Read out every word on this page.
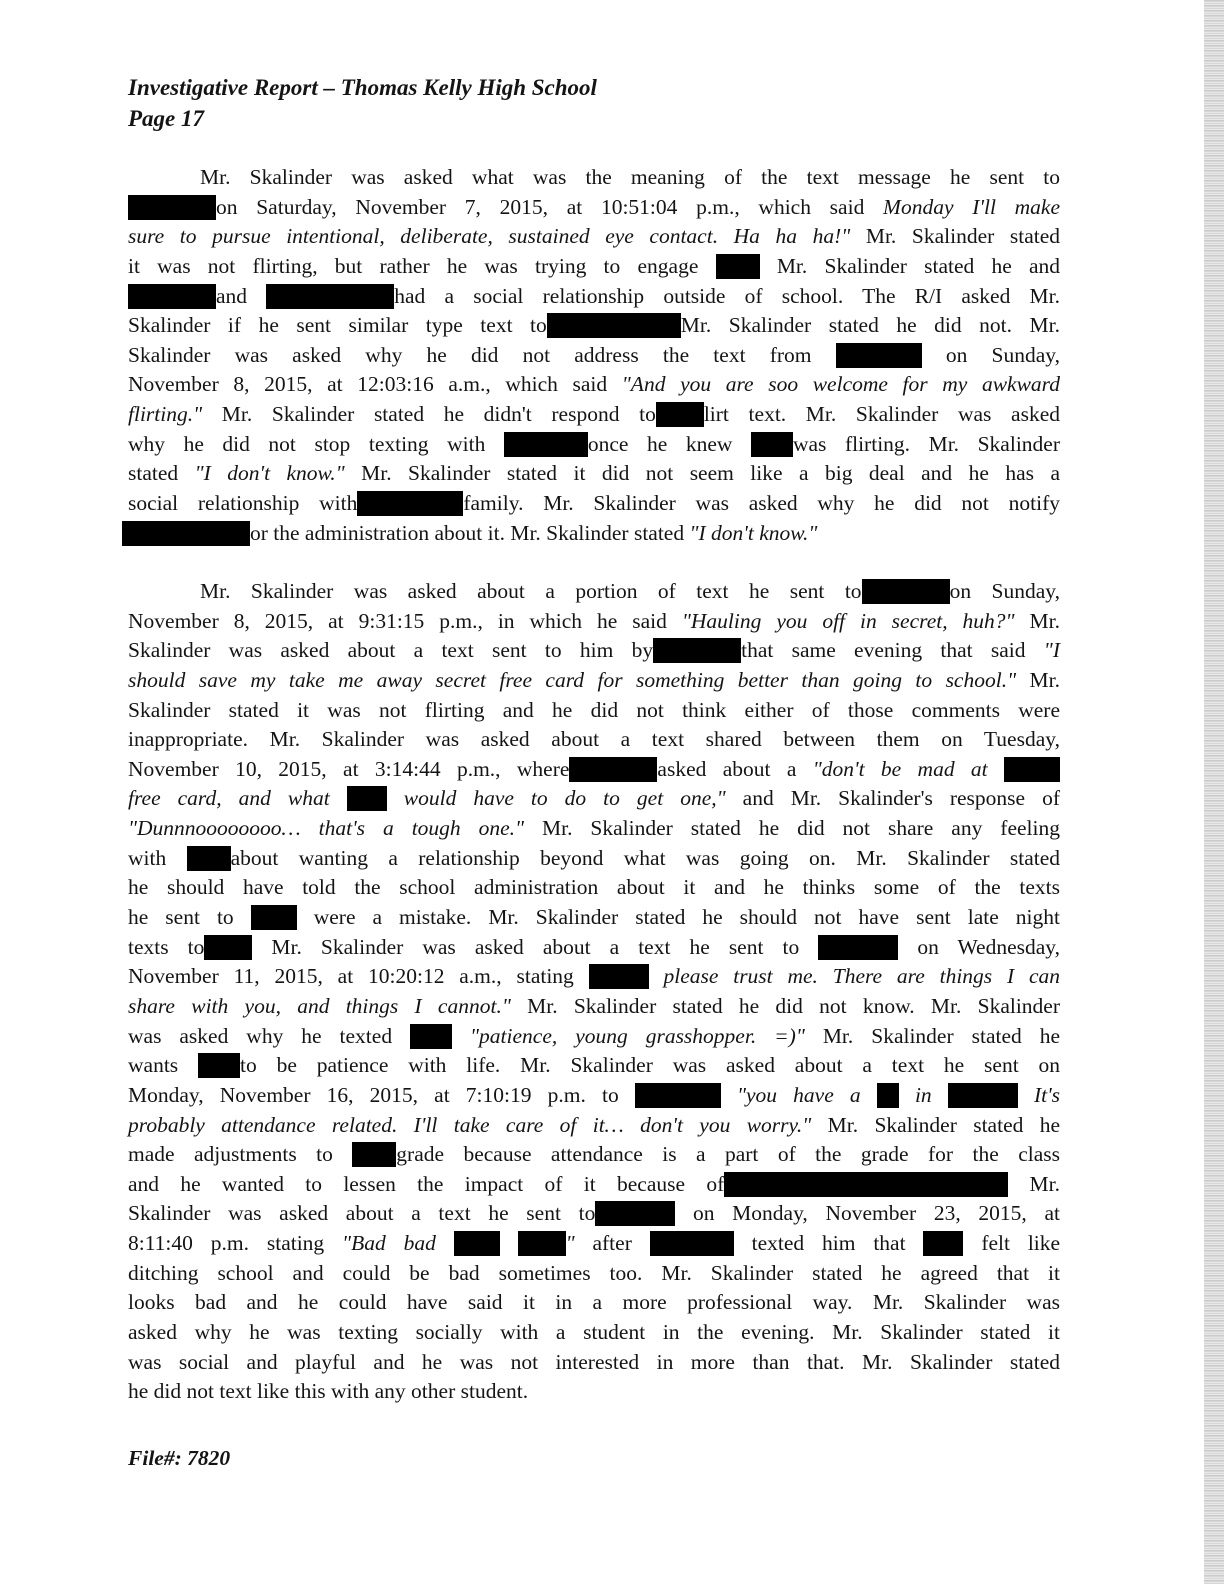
Investigative Report – Thomas Kelly High School
Page 17
Mr. Skalinder was asked what was the meaning of the text message he sent to
on Saturday, November 7, 2015, at 10:51:04 p.m., which said Monday I'll make
sure to pursue intentional, deliberate, sustained eye contact. Ha ha ha!" Mr. Skalinder stated
it was not flirting, but rather he was trying to engage	Mr. Skalinder stated he and
and	had a social relationship outside of school. The R/I asked Mr.
Skalinder if he sent similar type text to	Mr. Skalinder stated he did not. Mr.
Skalinder was asked why he did not address the text from	on Sunday,
November 8, 2015, at 12:03:16 a.m., which said "And you are soo welcome for my awkward
flirting." Mr. Skalinder stated he didn't respond to lirt text. Mr. Skalinder was asked
why he did not stop texting with	once he knew	was flirting. Mr. Skalinder
stated "I don't know." Mr. Skalinder stated it did not seem like a big deal and he has a
social relationship with	family. Mr. Skalinder was asked why he did not notify
or the administration about it. Mr. Skalinder stated "I don't know."
Mr. Skalinder was asked about a portion of text he sent to	on Sunday,
November 8, 2015, at 9:31:15 p.m., in which he said "Hauling you off in secret, huh?" Mr.
Skalinder was asked about a text sent to him by	that same evening that said "I
should save my take me away secret free card for something better than going to school." Mr.
Skalinder stated it was not flirting and he did not think either of those comments were
inappropriate. Mr. Skalinder was asked about a text shared between them on Tuesday,
November 10, 2015, at 3:14:44 p.m., where	asked about a "don't be mad at
free card, and what	would have to do to get one," and Mr. Skalinder's response of
"Dunnnoooooooo… that's a tough one." Mr. Skalinder stated he did not share any feeling
with	about wanting a relationship beyond what was going on. Mr. Skalinder stated
he should have told the school administration about it and he thinks some of the texts
he sent to	were a mistake. Mr. Skalinder stated he should not have sent late night
texts to	Mr. Skalinder was asked about a text he sent to	on Wednesday,
November 11, 2015, at 10:20:12 a.m., stating	please trust me. There are things I can
share with you, and things I cannot." Mr. Skalinder stated he did not know. Mr. Skalinder
was asked why he texted	"patience, young grasshopper. =)" Mr. Skalinder stated he
wants	to be patience with life. Mr. Skalinder was asked about a text he sent on
Monday, November 16, 2015, at 7:10:19 p.m. to	"you have a	in	It's
probably attendance related. I'll take care of it… don't you worry." Mr. Skalinder stated he
made adjustments to	grade because attendance is a part of the grade for the class
and he wanted to lessen the impact of it because of	Mr.
Skalinder was asked about a text he sent to	on Monday, November 23, 2015, at
8:11:40 p.m. stating "Bad bad	" after	texted him that	felt like
ditching school and could be bad sometimes too. Mr. Skalinder stated he agreed that it
looks bad and he could have said it in a more professional way. Mr. Skalinder was
asked why he was texting socially with a student in the evening. Mr. Skalinder stated it
was social and playful and he was not interested in more than that. Mr. Skalinder stated
he did not text like this with any other student.
File#: 7820
